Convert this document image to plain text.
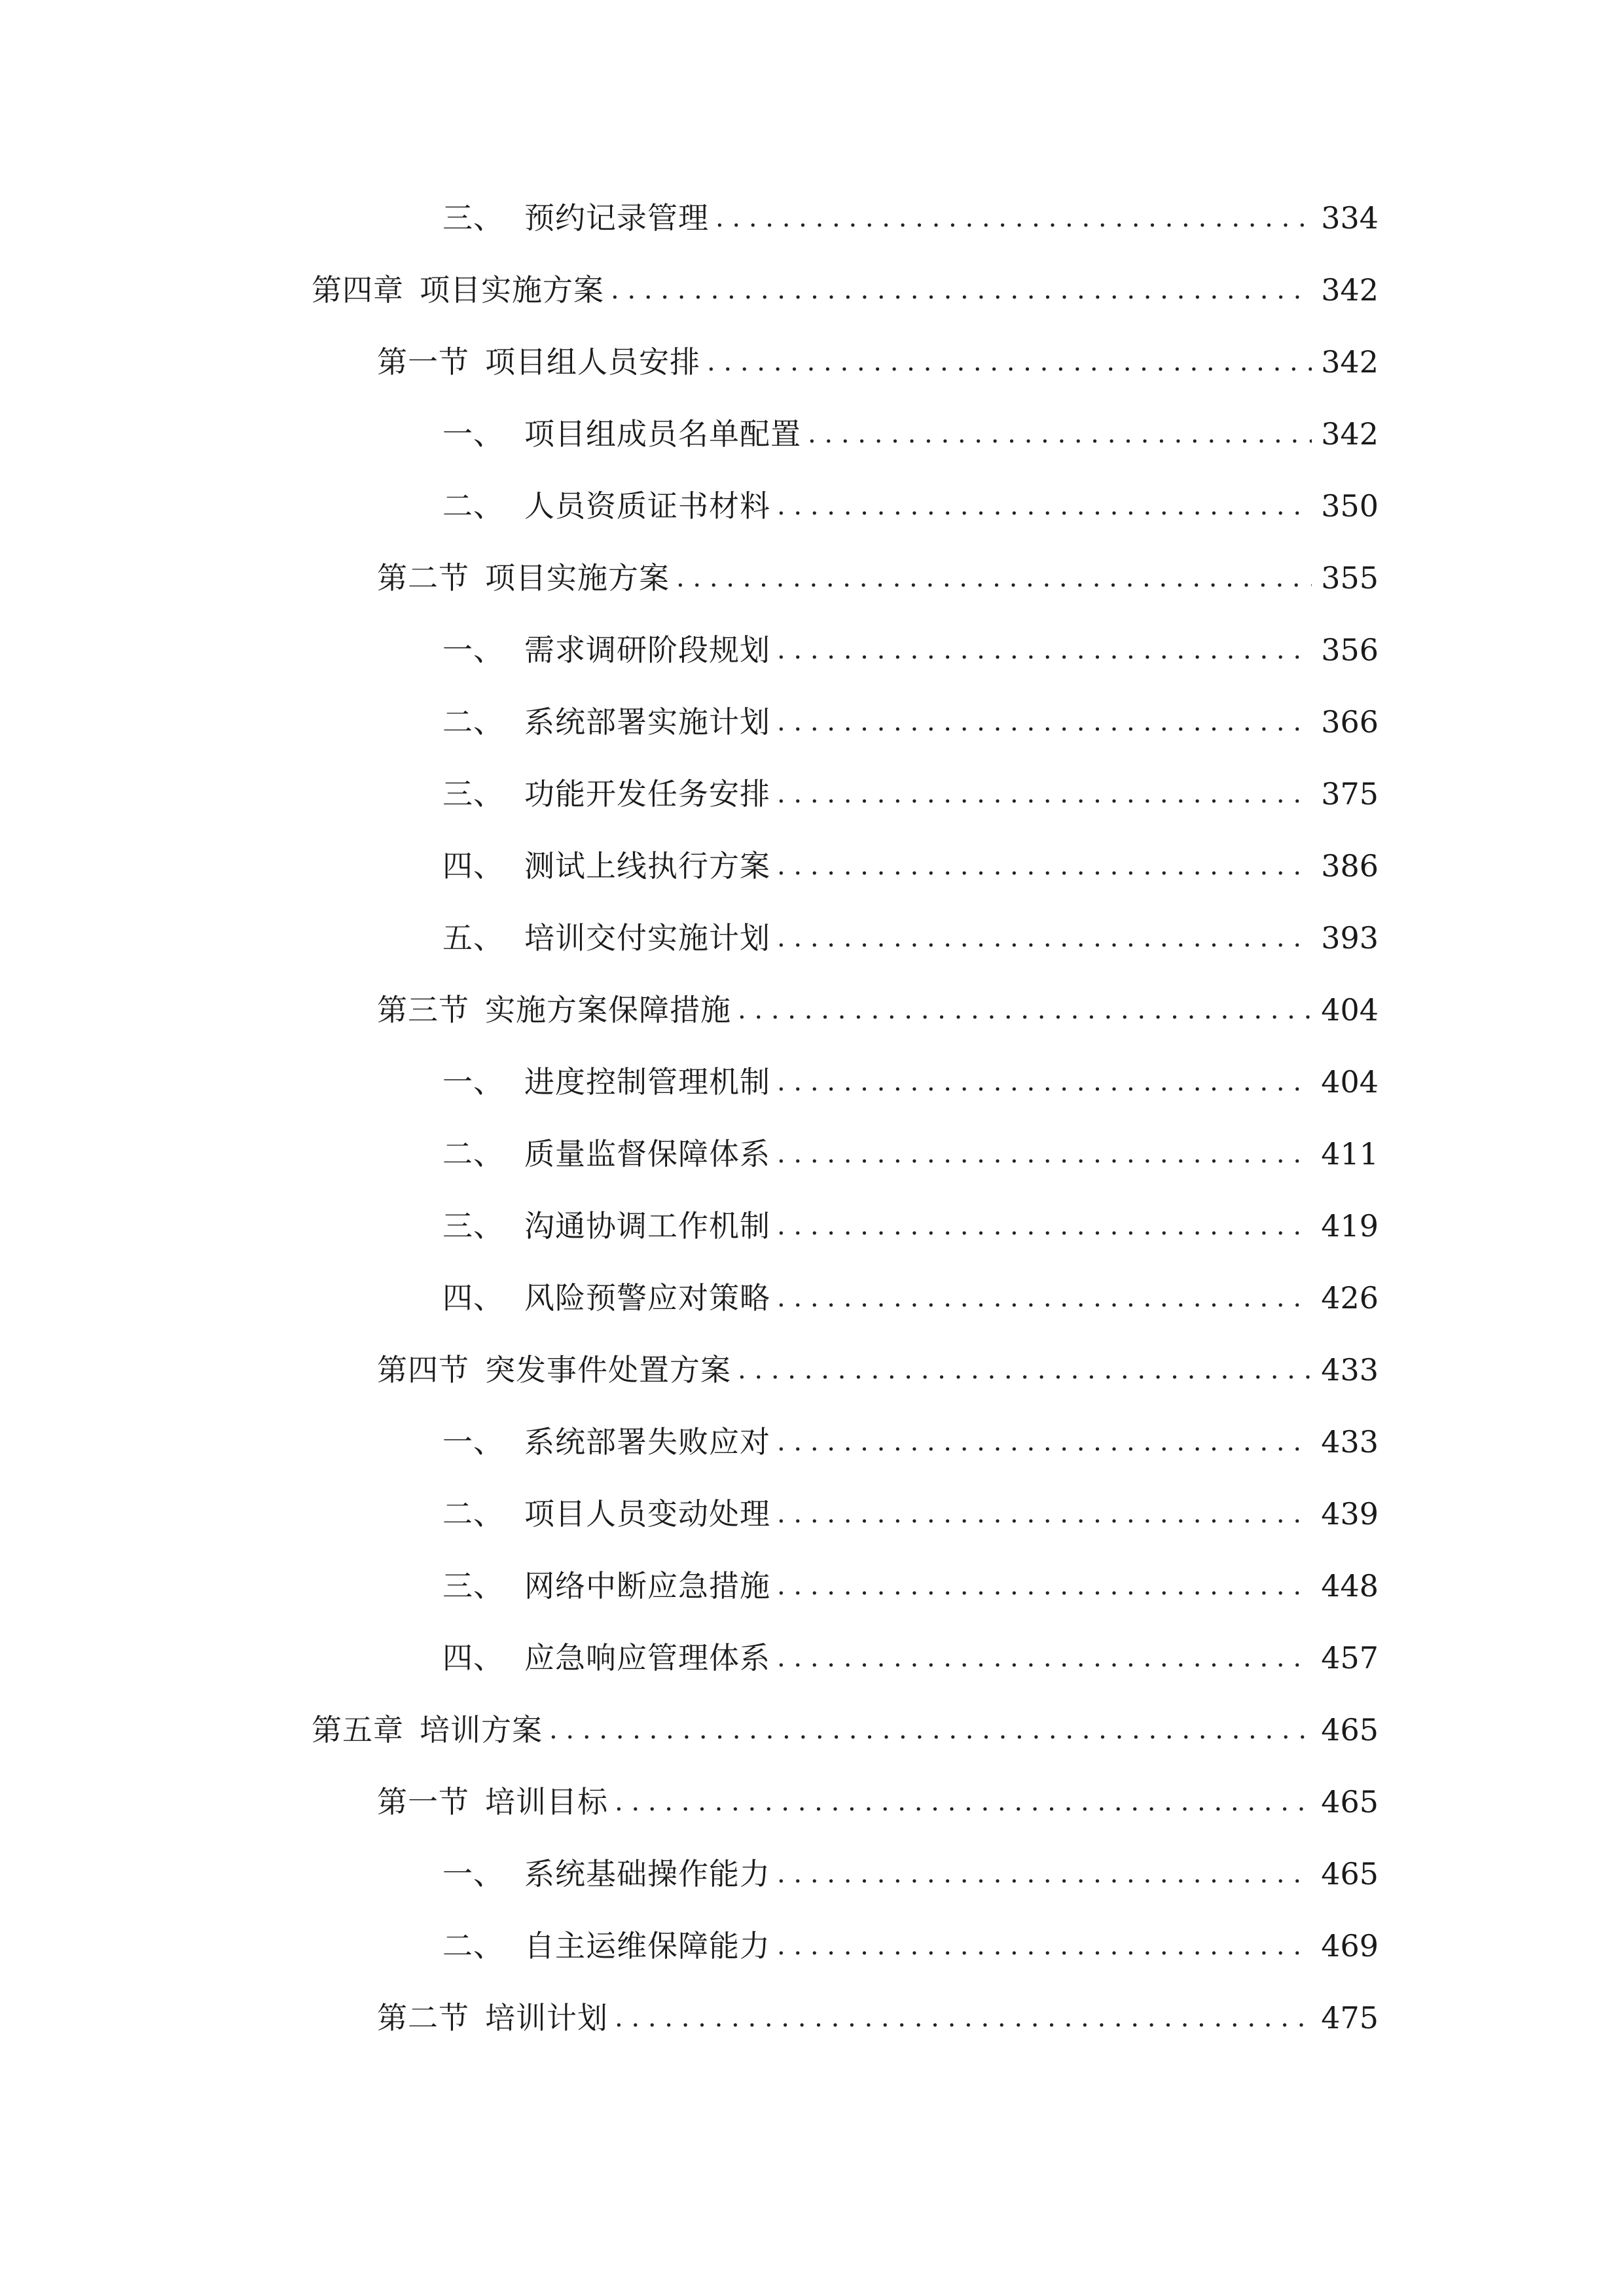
三、 预约记录管理 . . .	334
第四章 项目实施方案 . . .	342
第一节 项目组人员安排 . . .	342
一、 项目组成员名单配置 . . .	342
二、 人员资质证书材料 . . .	350
第二节 项目实施方案 . . .	355
一、 需求调研阶段规划 . . .	356
二、 系统部署实施计划 . . .	366
三、 功能开发任务安排 . . .	375
四、 测试上线执行方案 . . .	386
五、 培训交付实施计划 . . .	393
第三节 实施方案保障措施 . . .	404
一、 进度控制管理机制 . . .	404
二、 质量监督保障体系 . . .	411
三、 沟通协调工作机制 . . .	419
四、 风险预警应对策略 . . .	426
第四节 突发事件处置方案 . . .	433
一、 系统部署失败应对 . . .	433
二、 项目人员变动处理 . . .	439
三、 网络中断应急措施 . . .	448
四、 应急响应管理体系 . . .	457
第五章 培训方案 . . .	465
第一节 培训目标 . . .	465
一、 系统基础操作能力 . . .	465
二、 自主运维保障能力 . . .	469
第二节 培训计划 . . .	475
